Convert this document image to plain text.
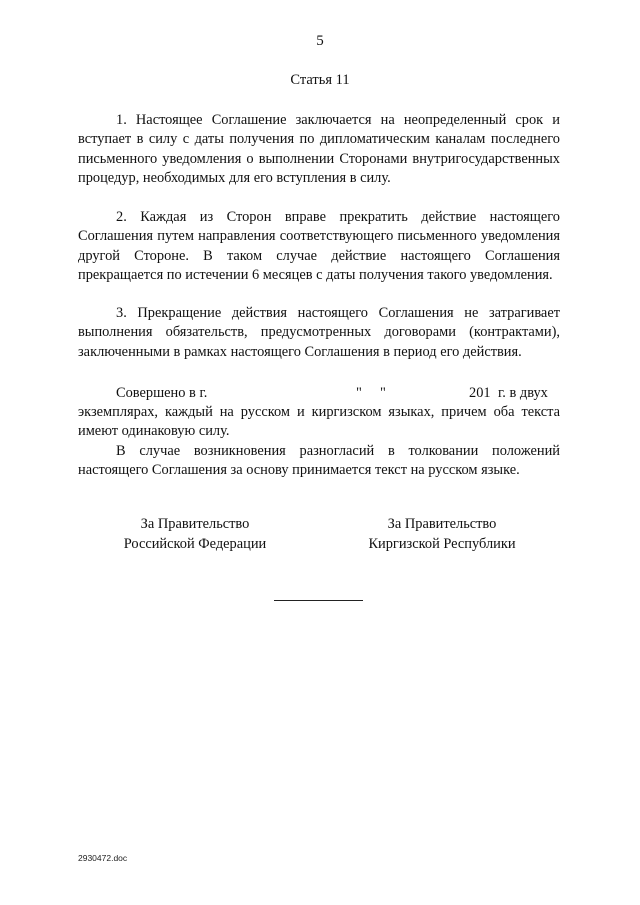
5
Статья 11

1. Настоящее Соглашение заключается на неопределенный срок и вступает в силу с даты получения по дипломатическим каналам последнего письменного уведомления о выполнении Сторонами внутригосударственных процедур, необходимых для его вступления в силу.

2. Каждая из Сторон вправе прекратить действие настоящего Соглашения путем направления соответствующего письменного уведомления другой Стороне. В таком случае действие настоящего Соглашения прекращается по истечении 6 месяцев с даты получения такого уведомления.

3. Прекращение действия настоящего Соглашения не затрагивает выполнения обязательств, предусмотренных договорами (контрактами), заключенными в рамках настоящего Соглашения в период его действия.

Совершено в г.	" "	201 г. в двух

экземплярах, каждый на русском и киргизском языках, причем оба текста имеют одинаковую силу.

В случае возникновения разногласий в толковании положений настоящего Соглашения за основу принимается текст на русском языке.

За Правительство
Российской Федерации
За Правительство
Киргизской Республики
2930472.doc
